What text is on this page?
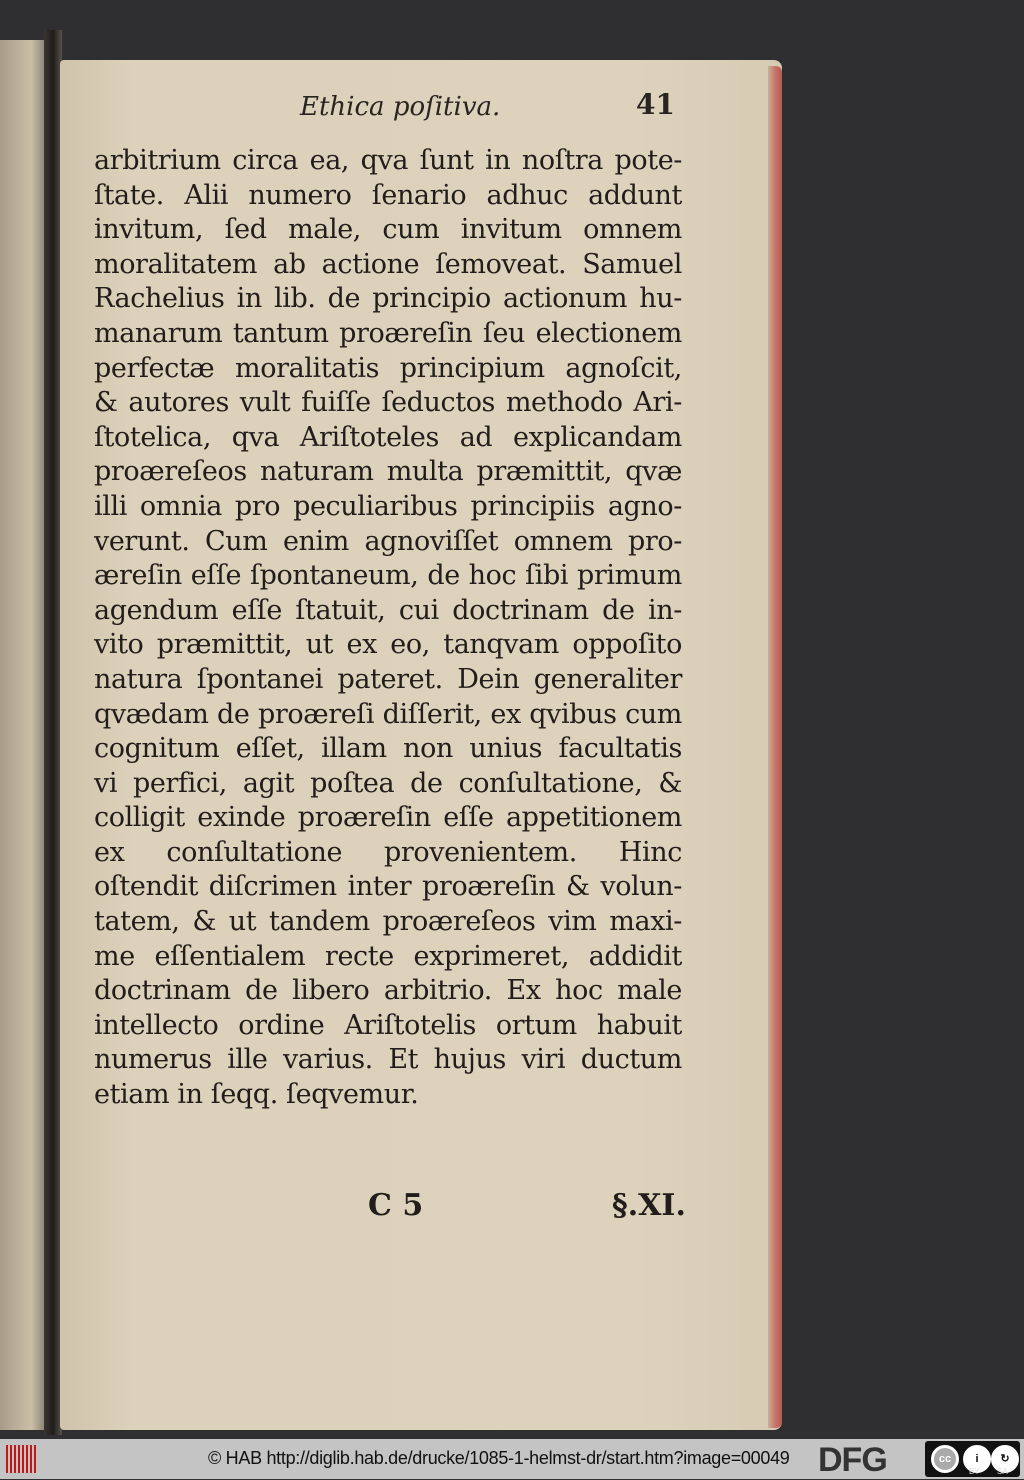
Ethica poſitiva.	41
arbitrium circa ea, qva ſunt in noſtra pote-
ſtate. Alii numero ſenario adhuc addunt
invitum, ſed male, cum invitum omnem
moralitatem ab actione ſemoveat. Samuel
Rachelius in lib. de principio actionum hu-
manarum tantum proæreſin ſeu electionem
perfectæ moralitatis principium agnoſcit,
& autores vult fuiſſe ſeductos methodo Ari-
ſtotelica, qva Ariſtoteles ad explicandam
proæreſeos naturam multa præmittit, qvæ
illi omnia pro peculiaribus principiis agno-
verunt. Cum enim agnoviſſet omnem pro-
æreſin eſſe ſpontaneum, de hoc ſibi primum
agendum eſſe ſtatuit, cui doctrinam de in-
vito præmittit, ut ex eo, tanqvam oppoſito
natura ſpontanei pateret. Dein generaliter
qvædam de proæreſi diſſerit, ex qvibus cum
cognitum eſſet, illam non unius facultatis
vi perfici, agit poſtea de conſultatione, &
colligit exinde proæreſin eſſe appetitionem
ex conſultatione provenientem. Hinc
oſtendit diſcrimen inter proæreſin & volun-
tatem, & ut tandem proæreſeos vim maxi-
me eſſentialem recte exprimeret, addidit
doctrinam de libero arbitrio. Ex hoc male
intellecto ordine Ariſtotelis ortum habuit
numerus ille varius. Et hujus viri ductum
etiam in ſeqq. ſeqvemur.
C 5	§.XI.
© HAB http://diglib.hab.de/drucke/1085-1-helmst-dr/start.htm?image=00049 DFG	cc	i	↻
BY SA
